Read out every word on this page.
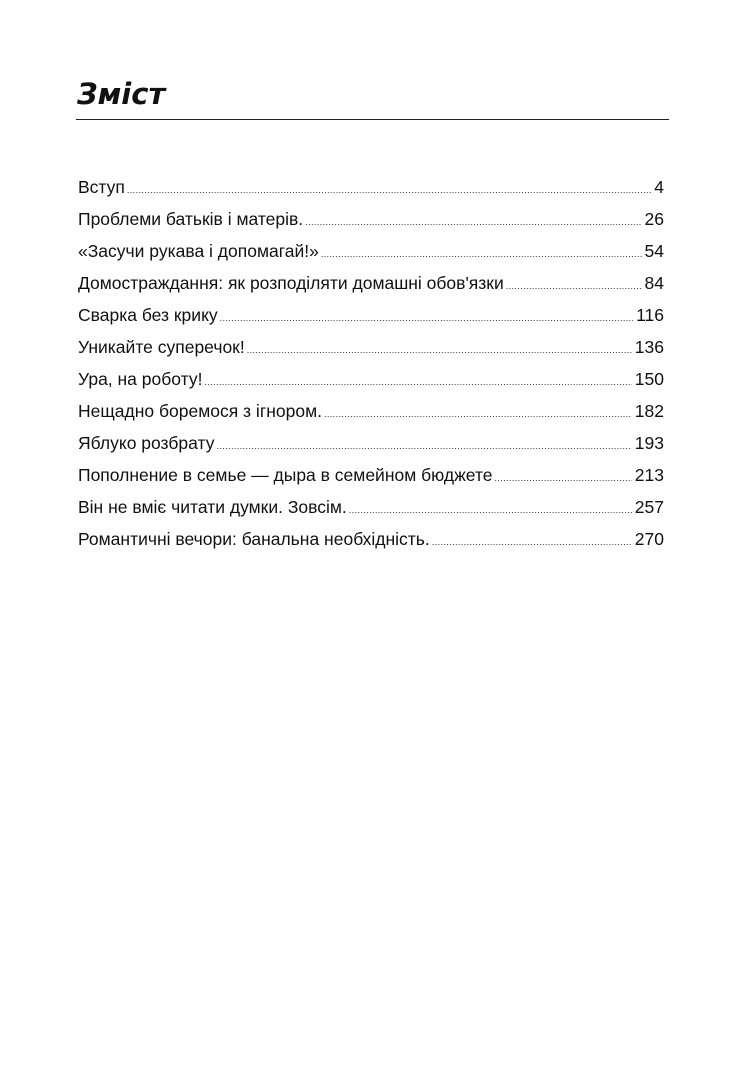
Зміст
Вступ .....	4
Проблеми батьків і матерів. .....	26
«Засучи рукава і допомагай!» .....	54
Домостраждання: як розподіляти домашні обов'язки .....	84
Сварка без крику .....	116
Уникайте суперечок! .....	136
Ура, на роботу! .....	150
Нещадно боремося з ігнором. .....	182
Яблуко розбрату .....	193
Пополнение в семье — дыра в семейном бюджете .....	213
Він не вміє читати думки. Зовсім. .....	257
Романтичні вечори: банальна необхідність. .....	270
